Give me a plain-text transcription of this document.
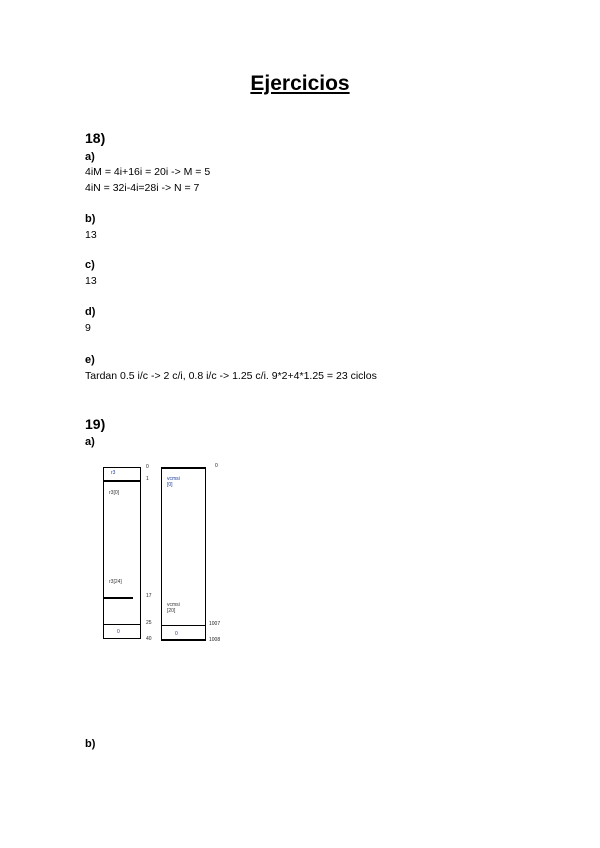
Ejercicios
18)
a)
4iM = 4i+16i = 20i -> M = 5
4iN = 32i-4i=28i -> N = 7
b)
13
c)
13
d)
9
e)
Tardan 0.5 i/c -> 2 c/i, 0.8 i/c -> 1.25 c/i. 9*2+4*1.25 = 23 ciclos
19)
a)
r3
r3[0]
r3[24]
0
0
1
17
25
40
vcmsi
[0]
vcmsi
[20]
0
0
1007
1008
b)
